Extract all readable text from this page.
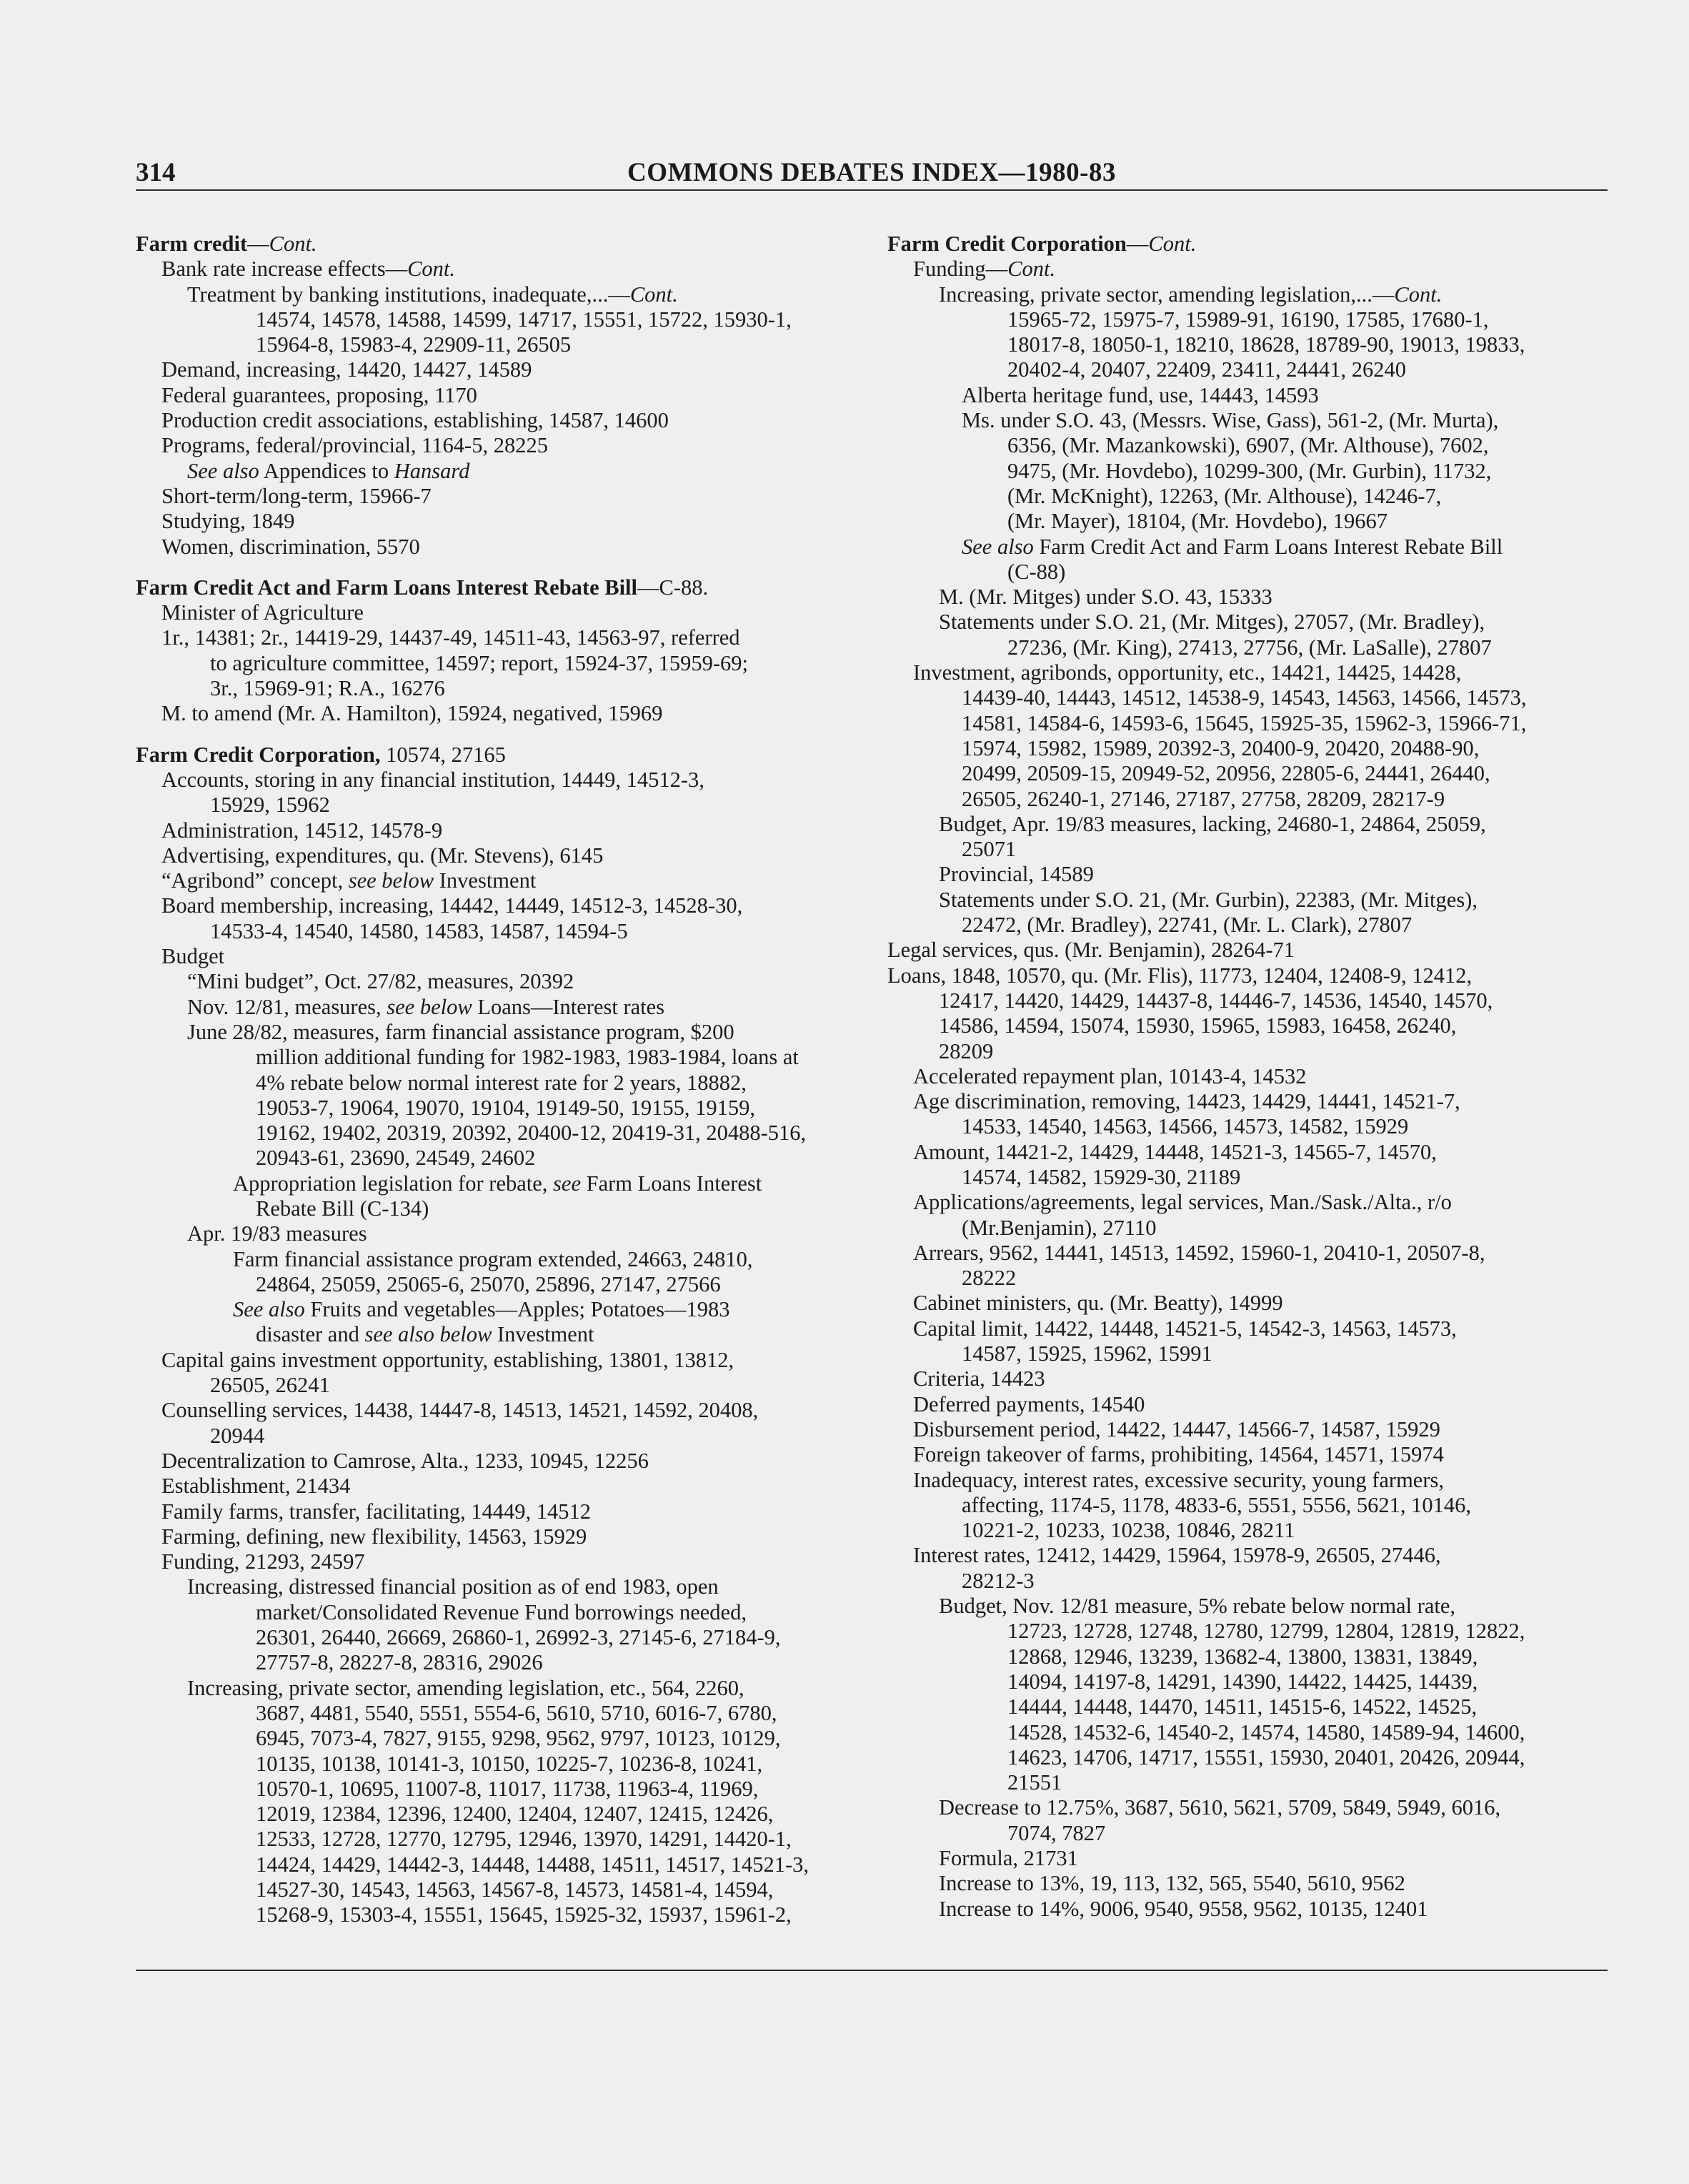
314	COMMONS DEBATES INDEX—1980-83
Farm credit—Cont.
Bank rate increase effects—Cont.
Treatment by banking institutions, inadequate,...—Cont.
14574, 14578, 14588, 14599, 14717, 15551, 15722, 15930-1,
15964-8, 15983-4, 22909-11, 26505
Demand, increasing, 14420, 14427, 14589
Federal guarantees, proposing, 1170
Production credit associations, establishing, 14587, 14600
Programs, federal/provincial, 1164-5, 28225
See also Appendices to Hansard
Short-term/long-term, 15966-7
Studying, 1849
Women, discrimination, 5570
Farm Credit Act and Farm Loans Interest Rebate Bill—C-88.
Minister of Agriculture
1r., 14381; 2r., 14419-29, 14437-49, 14511-43, 14563-97, referred
to agriculture committee, 14597; report, 15924-37, 15959-69;
3r., 15969-91; R.A., 16276
M. to amend (Mr. A. Hamilton), 15924, negatived, 15969
Farm Credit Corporation, 10574, 27165
Accounts, storing in any financial institution, 14449, 14512-3,
15929, 15962
Administration, 14512, 14578-9
Advertising, expenditures, qu. (Mr. Stevens), 6145
“Agribond” concept, see below Investment
Board membership, increasing, 14442, 14449, 14512-3, 14528-30,
14533-4, 14540, 14580, 14583, 14587, 14594-5
Budget
“Mini budget”, Oct. 27/82, measures, 20392
Nov. 12/81, measures, see below Loans—Interest rates
June 28/82, measures, farm financial assistance program, $200
million additional funding for 1982-1983, 1983-1984, loans at
4% rebate below normal interest rate for 2 years, 18882,
19053-7, 19064, 19070, 19104, 19149-50, 19155, 19159,
19162, 19402, 20319, 20392, 20400-12, 20419-31, 20488-516,
20943-61, 23690, 24549, 24602
Appropriation legislation for rebate, see Farm Loans Interest
Rebate Bill (C-134)
Apr. 19/83 measures
Farm financial assistance program extended, 24663, 24810,
24864, 25059, 25065-6, 25070, 25896, 27147, 27566
See also Fruits and vegetables—Apples; Potatoes—1983
disaster and see also below Investment
Capital gains investment opportunity, establishing, 13801, 13812,
26505, 26241
Counselling services, 14438, 14447-8, 14513, 14521, 14592, 20408,
20944
Decentralization to Camrose, Alta., 1233, 10945, 12256
Establishment, 21434
Family farms, transfer, facilitating, 14449, 14512
Farming, defining, new flexibility, 14563, 15929
Funding, 21293, 24597
Increasing, distressed financial position as of end 1983, open
market/Consolidated Revenue Fund borrowings needed,
26301, 26440, 26669, 26860-1, 26992-3, 27145-6, 27184-9,
27757-8, 28227-8, 28316, 29026
Increasing, private sector, amending legislation, etc., 564, 2260,
3687, 4481, 5540, 5551, 5554-6, 5610, 5710, 6016-7, 6780,
6945, 7073-4, 7827, 9155, 9298, 9562, 9797, 10123, 10129,
10135, 10138, 10141-3, 10150, 10225-7, 10236-8, 10241,
10570-1, 10695, 11007-8, 11017, 11738, 11963-4, 11969,
12019, 12384, 12396, 12400, 12404, 12407, 12415, 12426,
12533, 12728, 12770, 12795, 12946, 13970, 14291, 14420-1,
14424, 14429, 14442-3, 14448, 14488, 14511, 14517, 14521-3,
14527-30, 14543, 14563, 14567-8, 14573, 14581-4, 14594,
15268-9, 15303-4, 15551, 15645, 15925-32, 15937, 15961-2,
Farm Credit Corporation—Cont.
Funding—Cont.
Increasing, private sector, amending legislation,...—Cont.
15965-72, 15975-7, 15989-91, 16190, 17585, 17680-1,
18017-8, 18050-1, 18210, 18628, 18789-90, 19013, 19833,
20402-4, 20407, 22409, 23411, 24441, 26240
Alberta heritage fund, use, 14443, 14593
Ms. under S.O. 43, (Messrs. Wise, Gass), 561-2, (Mr. Murta),
6356, (Mr. Mazankowski), 6907, (Mr. Althouse), 7602,
9475, (Mr. Hovdebo), 10299-300, (Mr. Gurbin), 11732,
(Mr. McKnight), 12263, (Mr. Althouse), 14246-7,
(Mr. Mayer), 18104, (Mr. Hovdebo), 19667
See also Farm Credit Act and Farm Loans Interest Rebate Bill
(C-88)
M. (Mr. Mitges) under S.O. 43, 15333
Statements under S.O. 21, (Mr. Mitges), 27057, (Mr. Bradley),
27236, (Mr. King), 27413, 27756, (Mr. LaSalle), 27807
Investment, agribonds, opportunity, etc., 14421, 14425, 14428,
14439-40, 14443, 14512, 14538-9, 14543, 14563, 14566, 14573,
14581, 14584-6, 14593-6, 15645, 15925-35, 15962-3, 15966-71,
15974, 15982, 15989, 20392-3, 20400-9, 20420, 20488-90,
20499, 20509-15, 20949-52, 20956, 22805-6, 24441, 26440,
26505, 26240-1, 27146, 27187, 27758, 28209, 28217-9
Budget, Apr. 19/83 measures, lacking, 24680-1, 24864, 25059,
25071
Provincial, 14589
Statements under S.O. 21, (Mr. Gurbin), 22383, (Mr. Mitges),
22472, (Mr. Bradley), 22741, (Mr. L. Clark), 27807
Legal services, qus. (Mr. Benjamin), 28264-71
Loans, 1848, 10570, qu. (Mr. Flis), 11773, 12404, 12408-9, 12412,
12417, 14420, 14429, 14437-8, 14446-7, 14536, 14540, 14570,
14586, 14594, 15074, 15930, 15965, 15983, 16458, 26240,
28209
Accelerated repayment plan, 10143-4, 14532
Age discrimination, removing, 14423, 14429, 14441, 14521-7,
14533, 14540, 14563, 14566, 14573, 14582, 15929
Amount, 14421-2, 14429, 14448, 14521-3, 14565-7, 14570,
14574, 14582, 15929-30, 21189
Applications/agreements, legal services, Man./Sask./Alta., r/o
(Mr.Benjamin), 27110
Arrears, 9562, 14441, 14513, 14592, 15960-1, 20410-1, 20507-8,
28222
Cabinet ministers, qu. (Mr. Beatty), 14999
Capital limit, 14422, 14448, 14521-5, 14542-3, 14563, 14573,
14587, 15925, 15962, 15991
Criteria, 14423
Deferred payments, 14540
Disbursement period, 14422, 14447, 14566-7, 14587, 15929
Foreign takeover of farms, prohibiting, 14564, 14571, 15974
Inadequacy, interest rates, excessive security, young farmers,
affecting, 1174-5, 1178, 4833-6, 5551, 5556, 5621, 10146,
10221-2, 10233, 10238, 10846, 28211
Interest rates, 12412, 14429, 15964, 15978-9, 26505, 27446,
28212-3
Budget, Nov. 12/81 measure, 5% rebate below normal rate,
12723, 12728, 12748, 12780, 12799, 12804, 12819, 12822,
12868, 12946, 13239, 13682-4, 13800, 13831, 13849,
14094, 14197-8, 14291, 14390, 14422, 14425, 14439,
14444, 14448, 14470, 14511, 14515-6, 14522, 14525,
14528, 14532-6, 14540-2, 14574, 14580, 14589-94, 14600,
14623, 14706, 14717, 15551, 15930, 20401, 20426, 20944,
21551
Decrease to 12.75%, 3687, 5610, 5621, 5709, 5849, 5949, 6016,
7074, 7827
Formula, 21731
Increase to 13%, 19, 113, 132, 565, 5540, 5610, 9562
Increase to 14%, 9006, 9540, 9558, 9562, 10135, 12401
